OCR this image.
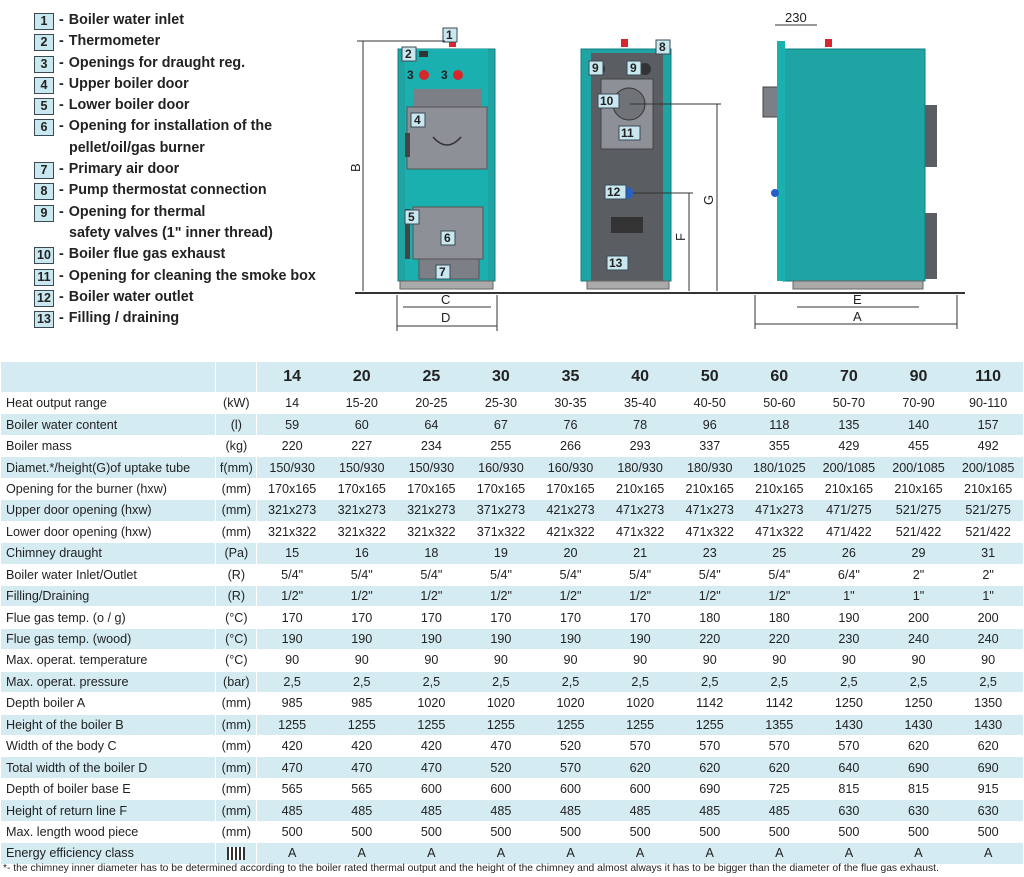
1 - Boiler water inlet
2 - Thermometer
3 - Openings for draught reg.
4 - Upper boiler door
5 - Lower boiler door
6 - Opening for installation of the
pellet/oil/gas burner
7 - Primary air door
8 - Pump thermostat connection
9 - Opening for thermal
safety valves (1" inner thread)
10 - Boiler flue gas exhaust
11 - Opening for cleaning the smoke box
12 - Boiler water outlet
13 - Filling / draining
1
2
3 3
4
5
6
7
B
C
D
8
9	9
10
11
12
13
G
F
230
E
A
		14	20	25	30	35	40	50	60	70	90	110
Heat output range	(kW)	14	15-20	20-25	25-30	30-35	35-40	40-50	50-60	50-70	70-90	90-110
Boiler water content	(l)	59	60	64	67	76	78	96	118	135	140	157
Boiler mass	(kg)	220	227	234	255	266	293	337	355	429	455	492
Diamet.*/height(G)of uptake tube	f(mm)	150/930	150/930	150/930	160/930	160/930	180/930	180/930	180/1025	200/1085	200/1085	200/1085
Opening for the burner (hxw)	(mm)	170x165	170x165	170x165	170x165	170x165	210x165	210x165	210x165	210x165	210x165	210x165
Upper door opening (hxw)	(mm)	321x273	321x273	321x273	371x273	421x273	471x273	471x273	471x273	471/275	521/275	521/275
Lower door opening (hxw)	(mm)	321x322	321x322	321x322	371x322	421x322	471x322	471x322	471x322	471/422	521/422	521/422
Chimney draught	(Pa)	15	16	18	19	20	21	23	25	26	29	31
Boiler water Inlet/Outlet	(R)	5/4"	5/4"	5/4"	5/4"	5/4"	5/4"	5/4"	5/4"	6/4"	2"	2"
Filling/Draining	(R)	1/2"	1/2"	1/2"	1/2"	1/2"	1/2"	1/2"	1/2"	1"	1"	1"
Flue gas temp. (o / g)	(°C)	170	170	170	170	170	170	180	180	190	200	200
Flue gas temp. (wood)	(°C)	190	190	190	190	190	190	220	220	230	240	240
Max. operat. temperature	(°C)	90	90	90	90	90	90	90	90	90	90	90
Max. operat. pressure	(bar)	2,5	2,5	2,5	2,5	2,5	2,5	2,5	2,5	2,5	2,5	2,5
Depth boiler A	(mm)	985	985	1020	1020	1020	1020	1142	1142	1250	1250	1350
Height of the boiler B	(mm)	1255	1255	1255	1255	1255	1255	1255	1355	1430	1430	1430
Width of the body C	(mm)	420	420	420	470	520	570	570	570	570	620	620
Total width of the boiler D	(mm)	470	470	470	520	570	620	620	620	640	690	690
Depth of boiler base E	(mm)	565	565	600	600	600	600	690	725	815	815	915
Height of return line F	(mm)	485	485	485	485	485	485	485	485	630	630	630
Max. length wood piece	(mm)	500	500	500	500	500	500	500	500	500	500	500
Energy efficiency class		A	A	A	A	A	A	A	A	A	A	A
*- the chimney inner diameter has to be determined according to the boiler rated thermal output and the height of the chimney and almost always it has to be bigger than the diameter of the flue gas exhaust.
